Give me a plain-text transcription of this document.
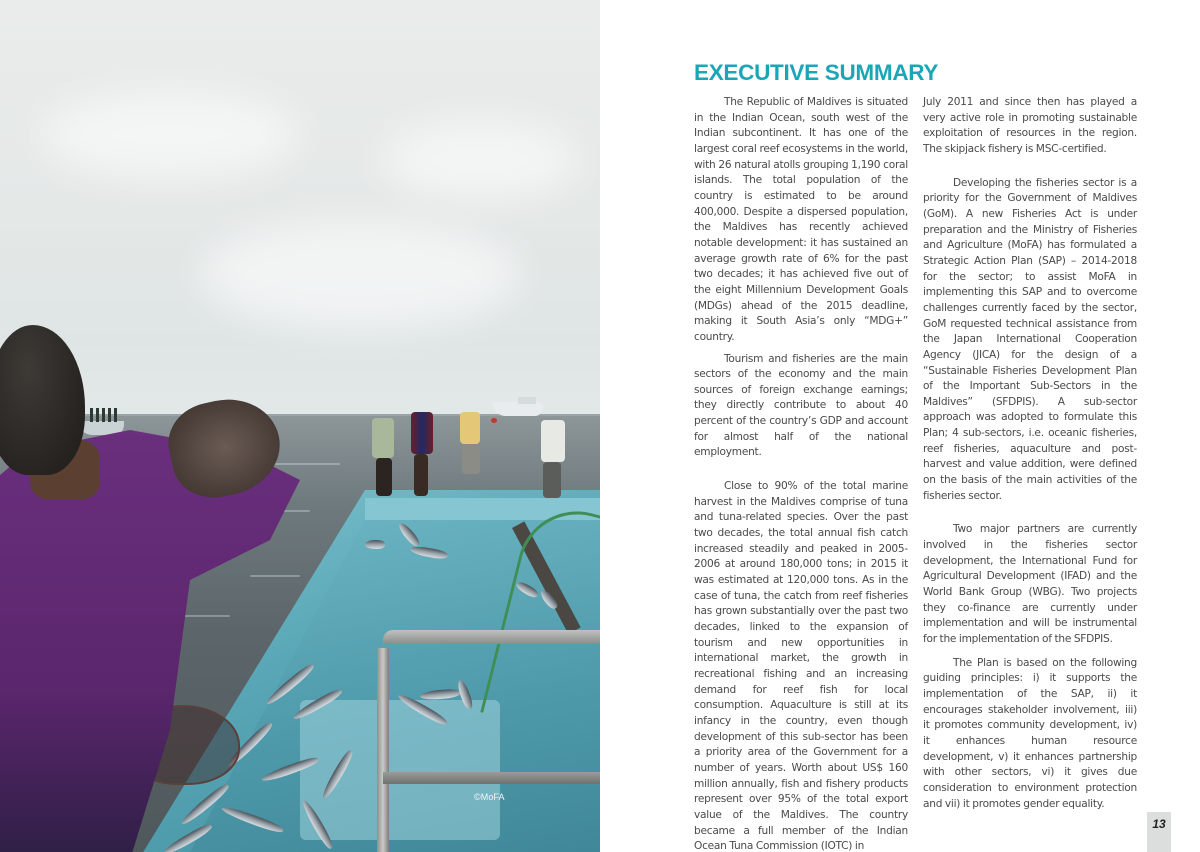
©MoFA
EXECUTIVE SUMMARY

The Republic of Maldives is situated in the Indian Ocean, south west of the Indian subcontinent. It has one of the largest coral reef ecosystems in the world, with 26 natural atolls grouping 1,190 coral islands. The total population of the country is estimated to be around 400,000. Despite a dispersed population, the Maldives has recently achieved notable development: it has sustained an average growth rate of 6% for the past two decades; it has achieved five out of the eight Millennium Development Goals (MDGs) ahead of the 2015 deadline, making it South Asia’s only “MDG+” country.

Tourism and fisheries are the main sectors of the economy and the main sources of foreign exchange earnings; they directly contribute to about 40 percent of the country’s GDP and account for almost half of the national employment.

Close to 90% of the total marine harvest in the Maldives comprise of tuna and tuna-related species. Over the past two decades, the total annual fish catch increased steadily and peaked in 2005-2006 at around 180,000 tons; in 2015 it was estimated at 120,000 tons. As in the case of tuna, the catch from reef fisheries has grown substantially over the past two decades, linked to the expansion of tourism and new opportunities in international market, the growth in recreational fishing and an increasing demand for reef fish for local consumption. Aquaculture is still at its infancy in the country, even though development of this sub-sector has been a priority area of the Government for a number of years. Worth about US$ 160 million annually, fish and fishery products represent over 95% of the total export value of the Maldives. The country became a full member of the Indian Ocean Tuna Commission (IOTC) in

July 2011 and since then has played a very active role in promoting sustainable exploitation of resources in the region. The skipjack fishery is MSC-certified.

Developing the fisheries sector is a priority for the Government of Maldives (GoM). A new Fisheries Act is under preparation and the Ministry of Fisheries and Agriculture (MoFA) has formulated a Strategic Action Plan (SAP) – 2014-2018 for the sector; to assist MoFA in implementing this SAP and to overcome challenges currently faced by the sector, GoM requested technical assistance from the Japan International Cooperation Agency (JICA) for the design of a “Sustainable Fisheries Development Plan of the Important Sub-Sectors in the Maldives” (SFDPIS). A sub-sector approach was adopted to formulate this Plan; 4 sub-sectors, i.e. oceanic fisheries, reef fisheries, aquaculture and post-harvest and value addition, were defined on the basis of the main activities of the fisheries sector.

Two major partners are currently involved in the fisheries sector development, the International Fund for Agricultural Development (IFAD) and the World Bank Group (WBG). Two projects they co-finance are currently under implementation and will be instrumental for the implementation of the SFDPIS.

The Plan is based on the following guiding principles: i) it supports the implementation of the SAP, ii) it encourages stakeholder involvement, iii) it promotes community development, iv) it enhances human resource development, v) it enhances partnership with other sectors, vi) it gives due consideration to environment protection and vii) it promotes gender equality.

13
